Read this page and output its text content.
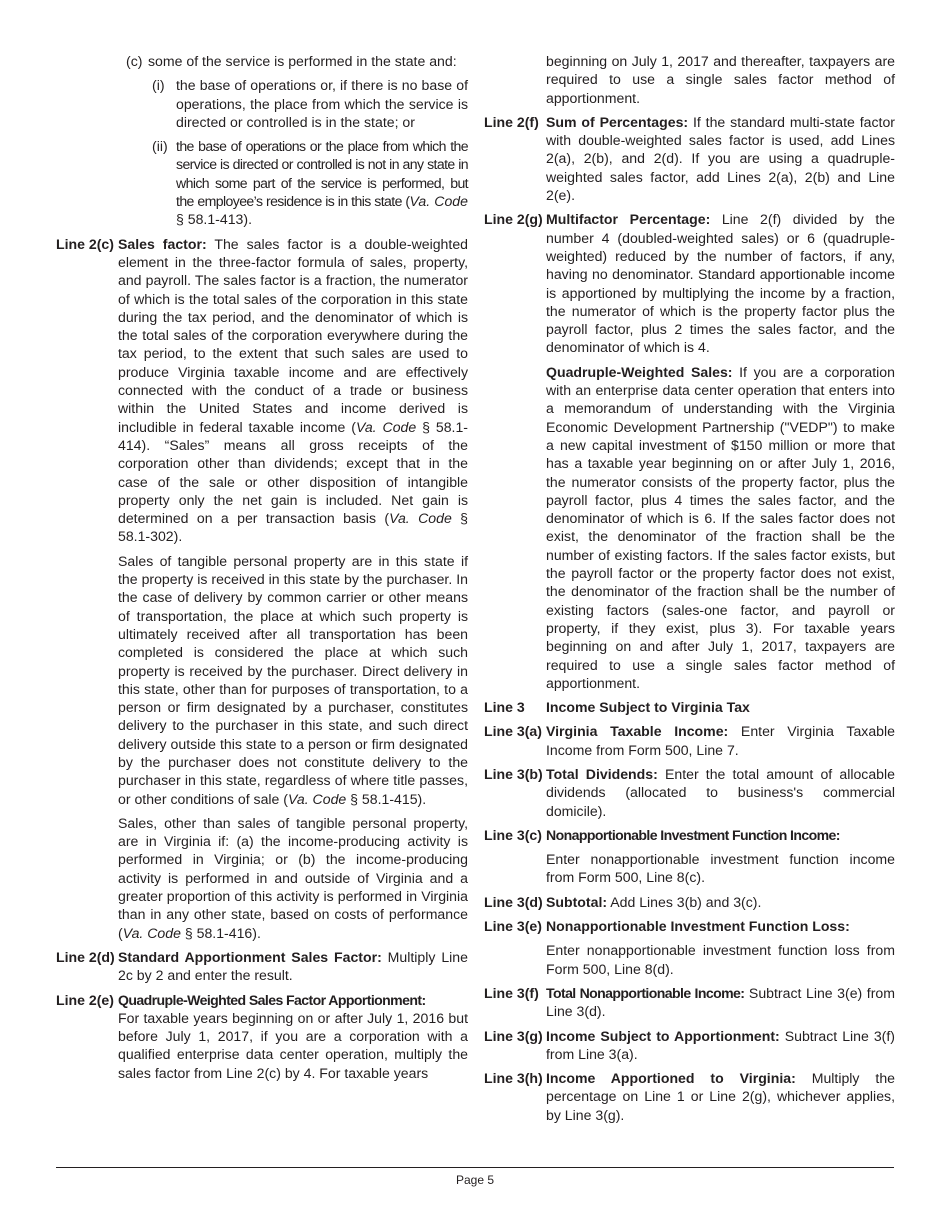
(c) some of the service is performed in the state and:
(i) the base of operations or, if there is no base of operations, the place from which the service is directed or controlled is in the state; or
(ii) the base of operations or the place from which the service is directed or controlled is not in any state in which some part of the service is performed, but the employee’s residence is in this state (Va. Code § 58.1-413).
Line 2(c) Sales factor: The sales factor is a double-weighted element in the three-factor formula of sales, property, and payroll. The sales factor is a fraction, the numerator of which is the total sales of the corporation in this state during the tax period, and the denominator of which is the total sales of the corporation everywhere during the tax period, to the extent that such sales are used to produce Virginia taxable income and are effectively connected with the conduct of a trade or business within the United States and income derived is includible in federal taxable income (Va. Code § 58.1-414). “Sales” means all gross receipts of the corporation other than dividends; except that in the case of the sale or other disposition of intangible property only the net gain is included. Net gain is determined on a per transaction basis (Va. Code § 58.1-302).

Sales of tangible personal property are in this state if the property is received in this state by the purchaser. In the case of delivery by common carrier or other means of transportation, the place at which such property is ultimately received after all transportation has been completed is considered the place at which such property is received by the purchaser. Direct delivery in this state, other than for purposes of transportation, to a person or firm designated by a purchaser, constitutes delivery to the purchaser in this state, and such direct delivery outside this state to a person or firm designated by the purchaser does not constitute delivery to the purchaser in this state, regardless of where title passes, or other conditions of sale (Va. Code § 58.1-415).

Sales, other than sales of tangible personal property, are in Virginia if: (a) the income-producing activity is performed in Virginia; or (b) the income-producing activity is performed in and outside of Virginia and a greater proportion of this activity is performed in Virginia than in any other state, based on costs of performance (Va. Code § 58.1-416).

Line 2(d) Standard Apportionment Sales Factor: Multiply Line 2c by 2 and enter the result.
Line 2(e) Quadruple-Weighted Sales Factor Apportionment:
For taxable years beginning on or after July 1, 2016 but before July 1, 2017, if you are a corporation with a qualified enterprise data center operation, multiply the sales factor from Line 2(c) by 4. For taxable years

beginning on July 1, 2017 and thereafter, taxpayers are required to use a single sales factor method of apportionment.

Line 2(f) Sum of Percentages: If the standard multi-state factor with double-weighted sales factor is used, add Lines 2(a), 2(b), and 2(d). If you are using a quadruple-weighted sales factor, add Lines 2(a), 2(b) and Line 2(e).
Line 2(g) Multifactor Percentage: Line 2(f) divided by the number 4 (doubled-weighted sales) or 6 (quadruple-weighted) reduced by the number of factors, if any, having no denominator. Standard apportionable income is apportioned by multiplying the income by a fraction, the numerator of which is the property factor plus the payroll factor, plus 2 times the sales factor, and the denominator of which is 4.

Quadruple-Weighted Sales: If you are a corporation with an enterprise data center operation that enters into a memorandum of understanding with the Virginia Economic Development Partnership ("VEDP") to make a new capital investment of $150 million or more that has a taxable year beginning on or after July 1, 2016, the numerator consists of the property factor, plus the payroll factor, plus 4 times the sales factor, and the denominator of which is 6. If the sales factor does not exist, the denominator of the fraction shall be the number of existing factors. If the sales factor exists, but the payroll factor or the property factor does not exist, the denominator of the fraction shall be the number of existing factors (sales-one factor, and payroll or property, if they exist, plus 3). For taxable years beginning on and after July 1, 2017, taxpayers are required to use a single sales factor method of apportionment.

Line 3	Income Subject to Virginia Tax
Line 3(a) Virginia Taxable Income: Enter Virginia Taxable Income from Form 500, Line 7.
Line 3(b) Total Dividends: Enter the total amount of allocable dividends (allocated to business's commercial domicile).
Line 3(c) Nonapportionable Investment Function Income:

Enter nonapportionable investment function income from Form 500, Line 8(c).

Line 3(d) Subtotal: Add Lines 3(b) and 3(c).
Line 3(e) Nonapportionable Investment Function Loss:

Enter nonapportionable investment function loss from Form 500, Line 8(d).

Line 3(f) Total Nonapportionable Income: Subtract Line 3(e) from Line 3(d).
Line 3(g) Income Subject to Apportionment: Subtract Line 3(f) from Line 3(a).
Line 3(h) Income Apportioned to Virginia: Multiply the percentage on Line 1 or Line 2(g), whichever applies, by Line 3(g).
Page 5
